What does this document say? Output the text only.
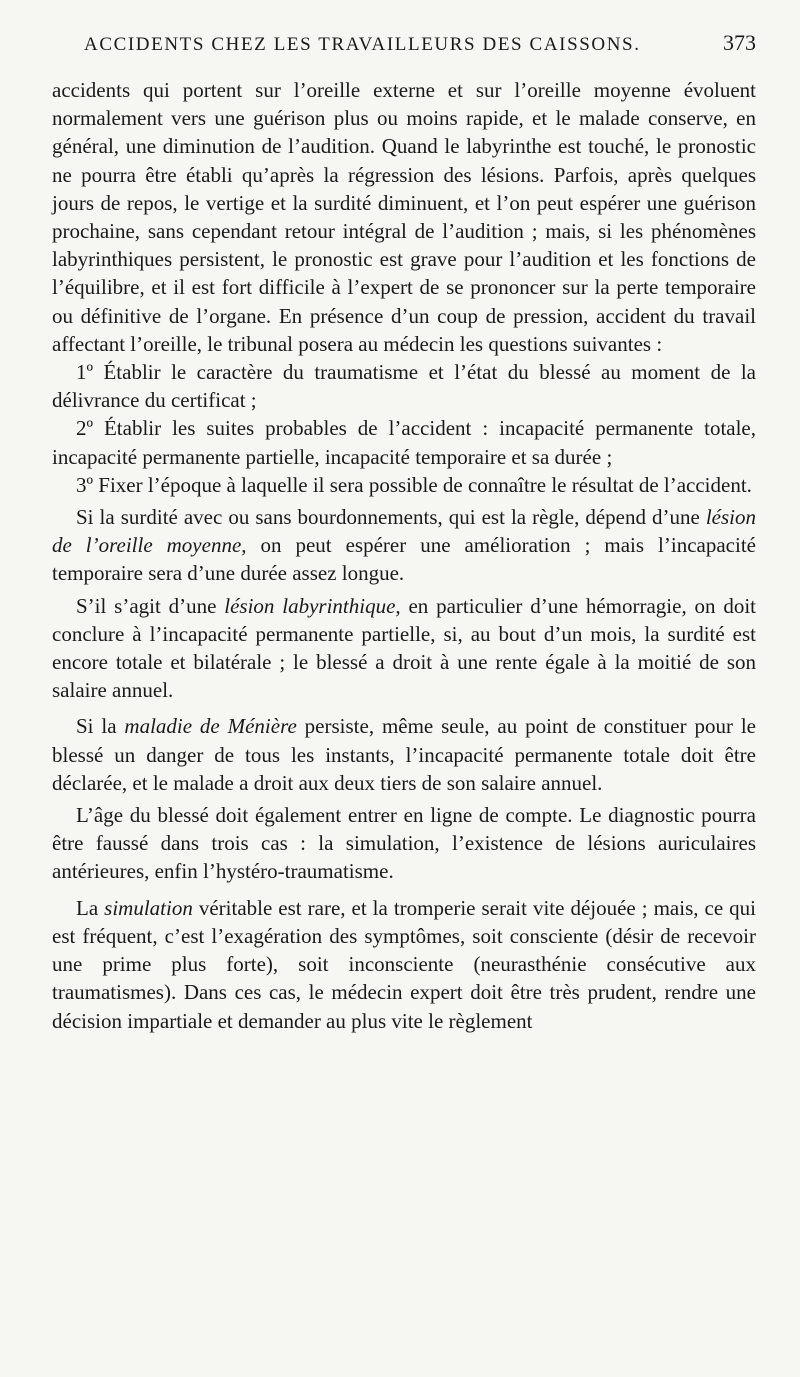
ACCIDENTS CHEZ LES TRAVAILLEURS DES CAISSONS.	373

accidents qui portent sur l’oreille externe et sur l’oreille moyenne évoluent normalement vers une guérison plus ou moins rapide, et le malade conserve, en général, une diminution de l’audition. Quand le labyrinthe est touché, le pronostic ne pourra être établi qu’après la régression des lésions. Parfois, après quelques jours de repos, le vertige et la surdité diminuent, et l’on peut espérer une guérison prochaine, sans cependant retour intégral de l’audition ; mais, si les phénomènes labyrinthiques persistent, le pronostic est grave pour l’audition et les fonctions de l’équilibre, et il est fort difficile à l’expert de se prononcer sur la perte temporaire ou définitive de l’organe. En présence d’un coup de pression, accident du travail affectant l’oreille, le tribunal posera au médecin les questions suivantes :

1º Établir le caractère du traumatisme et l’état du blessé au moment de la délivrance du certificat ;

2º Établir les suites probables de l’accident : incapacité permanente totale, incapacité permanente partielle, incapacité temporaire et sa durée ;

3º Fixer l’époque à laquelle il sera possible de connaître le résultat de l’accident.

Si la surdité avec ou sans bourdonnements, qui est la règle, dépend d’une lésion de l’oreille moyenne, on peut espérer une amélioration ; mais l’incapacité temporaire sera d’une durée assez longue.

S’il s’agit d’une lésion labyrinthique, en particulier d’une hémorragie, on doit conclure à l’incapacité permanente partielle, si, au bout d’un mois, la surdité est encore totale et bilatérale ; le blessé a droit à une rente égale à la moitié de son salaire annuel.

Si la maladie de Ménière persiste, même seule, au point de constituer pour le blessé un danger de tous les instants, l’incapacité permanente totale doit être déclarée, et le malade a droit aux deux tiers de son salaire annuel.

L’âge du blessé doit également entrer en ligne de compte. Le diagnostic pourra être faussé dans trois cas : la simulation, l’existence de lésions auriculaires antérieures, enfin l’hystéro-traumatisme.

La simulation véritable est rare, et la tromperie serait vite déjouée ; mais, ce qui est fréquent, c’est l’exagération des symptômes, soit consciente (désir de recevoir une prime plus forte), soit inconsciente (neurasthénie consécutive aux traumatismes). Dans ces cas, le médecin expert doit être très prudent, rendre une décision impartiale et demander au plus vite le règlement
